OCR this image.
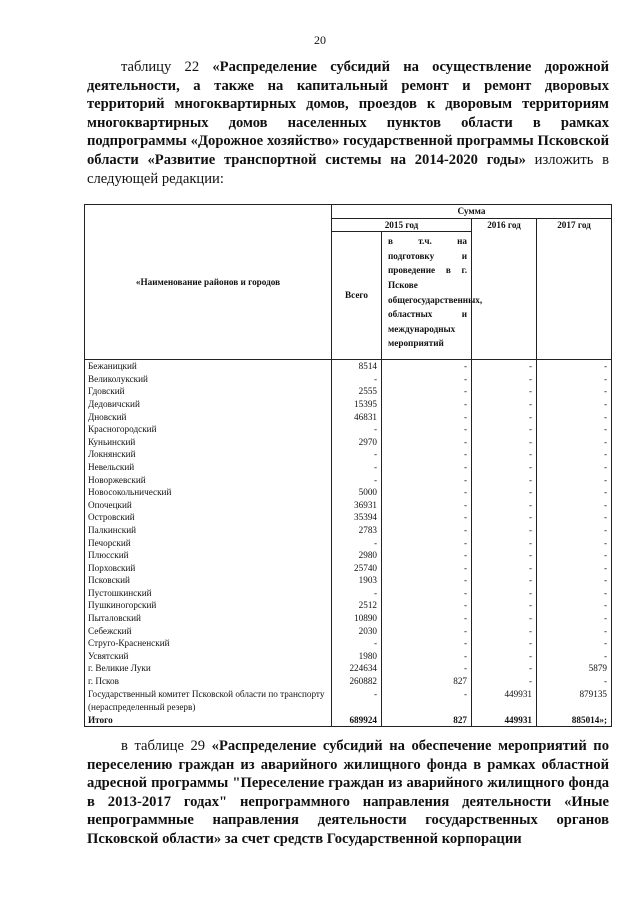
20
таблицу 22 «Распределение субсидий на осуществление дорожной деятельности, а также на капитальный ремонт и ремонт дворовых территорий многоквартирных домов, проездов к дворовым территориям многоквартирных домов населенных пунктов области в рамках подпрограммы «Дорожное хозяйство» государственной программы Псковской области «Развитие транспортной системы на 2014-2020 годы» изложить в следующей редакции:
«Наименование районов и городов	Сумма			
	2015 год		2016 год	2017 год
	Всего	в т.ч. на подготовку и проведение в г. Пскове общегосударственных, областных и международных мероприятий		
Бежаницкий	8514	-	-	-
Великолукский	-	-	-	-
Гдовский	2555	-	-	-
Дедовичский	15395	-	-	-
Дновский	46831	-	-	-
Красногородский	-	-	-	-
Куньинский	2970	-	-	-
Локнянский	-	-	-	-
Невельский	-	-	-	-
Новоржевский	-	-	-	-
Новосокольнический	5000	-	-	-
Опочецкий	36931	-	-	-
Островский	35394	-	-	-
Палкинский	2783	-	-	-
Печорский	-	-	-	-
Плюсский	2980	-	-	-
Порховский	25740	-	-	-
Псковский	1903	-	-	-
Пустошкинский	-	-	-	-
Пушкиногорский	2512	-	-	-
Пыталовский	10890	-	-	-
Себежский	2030	-	-	-
Струго-Красненский	-	-	-	-
Усвятский	1980	-	-	-
г. Великие Луки	224634	-	-	5879
г. Псков	260882	827	-	-
Государственный комитет Псковской области по транспорту (нераспределенный резерв)	-	-	449931	879135
Итого	689924	827	449931	885014»;
в таблице 29 «Распределение субсидий на обеспечение мероприятий по переселению граждан из аварийного жилищного фонда в рамках областной адресной программы "Переселение граждан из аварийного жилищного фонда в 2013-2017 годах" непрограммного направления деятельности «Иные непрограммные направления деятельности государственных органов Псковской области» за счет средств Государственной корпорации
